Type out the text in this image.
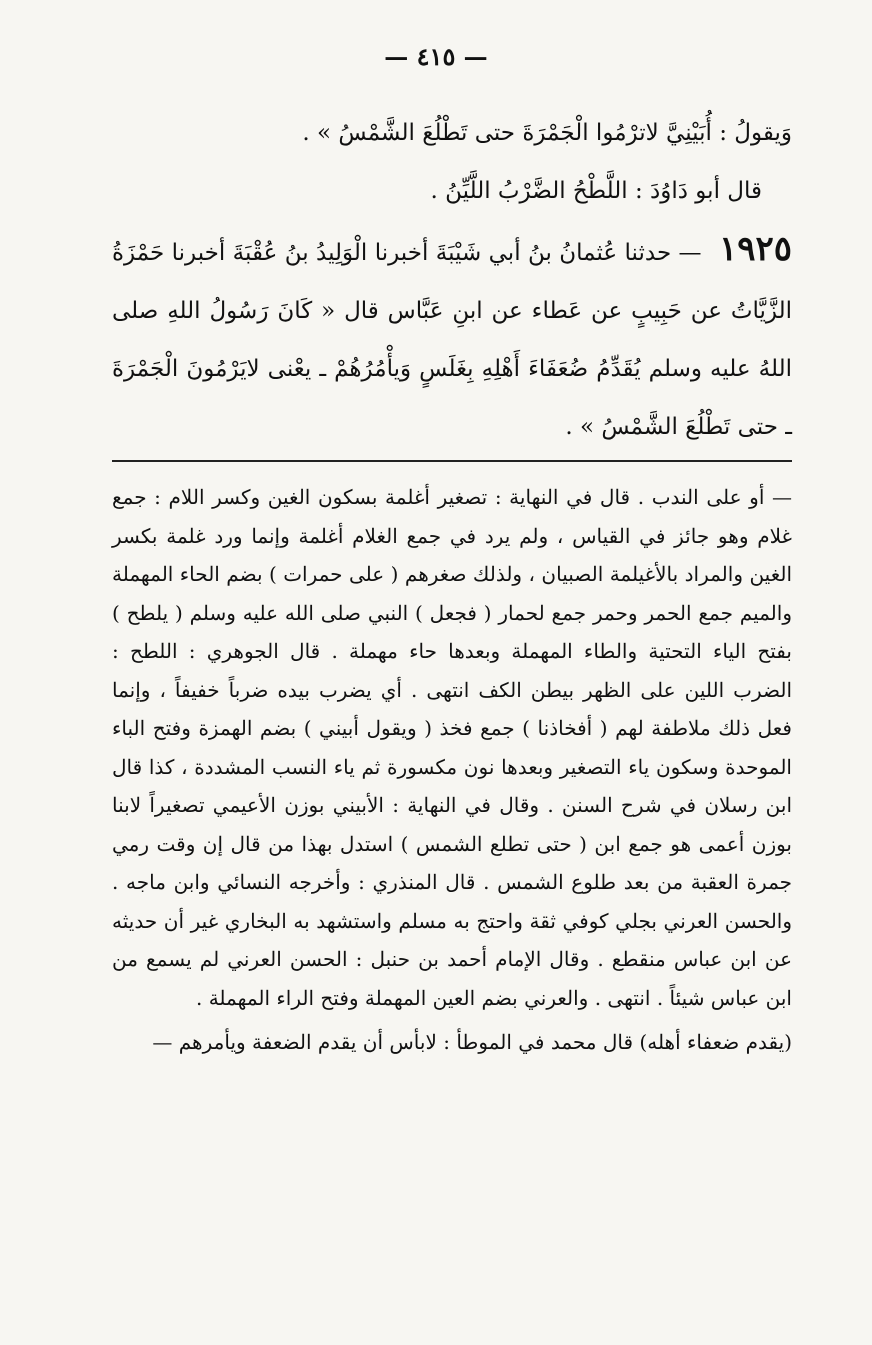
— ٤١٥ —

وَيقولُ : أُبَيْنِيَّ لاترْمُوا الْجَمْرَةَ حتى تَطْلُعَ الشَّمْسُ » .

قال أبو دَاوُدَ : اللَّطْحُ الضَّرْبُ اللَّيِّنُ .

١٩٢٥ — حدثنا عُثمانُ بنُ أبي شَيْبَةَ أخبرنا الْوَلِيدُ بنُ عُقْبَةَ أخبرنا حَمْزَةُ الزَّيَّاتُ عن حَبِيبٍ عن عَطاء عن ابنِ عَبَّاس قال « كَانَ رَسُولُ اللهِ صلى اللهُ عليه وسلم يُقَدِّمُ ضُعَفَاءَ أَهْلِهِ بِغَلَسٍ وَيأْمُرُهُمْ ـ يعْنى لايَرْمُونَ الْجَمْرَةَ ـ حتى تَطْلُعَ الشَّمْسُ » .

— أو على الندب . قال في النهاية : تصغير أغلمة بسكون الغين وكسر اللام : جمع غلام وهو جائز في القياس ، ولم يرد في جمع الغلام أغلمة وإنما ورد غلمة بكسر الغين والمراد بالأغيلمة الصبيان ، ولذلك صغرهم ( على حمرات ) بضم الحاء المهملة والميم جمع الحمر وحمر جمع لحمار ( فجعل ) النبي صلى الله عليه وسلم ( يلطح ) بفتح الياء التحتية والطاء المهملة وبعدها حاء مهملة . قال الجوهري : اللطح : الضرب اللين على الظهر بيطن الكف انتهى . أي يضرب بيده ضرباً خفيفاً ، وإنما فعل ذلك ملاطفة لهم ( أفخاذنا ) جمع فخذ ( ويقول أبيني ) بضم الهمزة وفتح الباء الموحدة وسكون ياء التصغير وبعدها نون مكسورة ثم ياء النسب المشددة ، كذا قال ابن رسلان في شرح السنن . وقال في النهاية : الأبيني بوزن الأعيمي تصغيراً لابنا بوزن أعمى هو جمع ابن ( حتى تطلع الشمس ) استدل بهذا من قال إن وقت رمي جمرة العقبة من بعد طلوع الشمس . قال المنذري : وأخرجه النسائي وابن ماجه . والحسن العرني بجلي كوفي ثقة واحتج به مسلم واستشهد به البخاري غير أن حديثه عن ابن عباس منقطع . وقال الإمام أحمد بن حنبل : الحسن العرني لم يسمع من ابن عباس شيئاً . انتهى . والعرني بضم العين المهملة وفتح الراء المهملة .

(يقدم ضعفاء أهله) قال محمد في الموطأ : لابأس أن يقدم الضعفة ويأمرهم —
